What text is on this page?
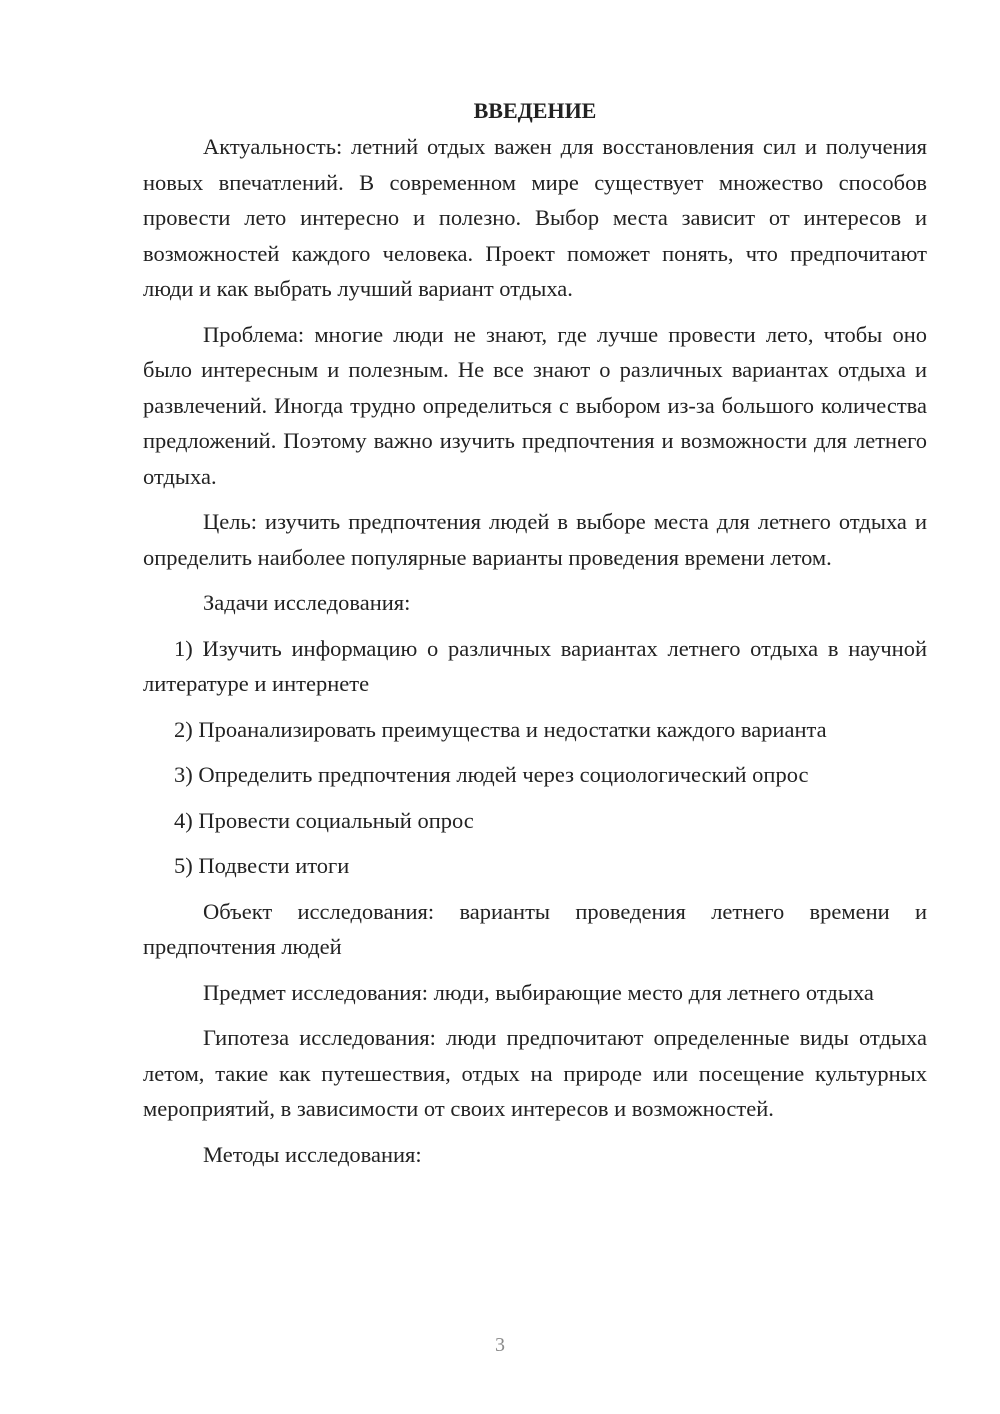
ВВЕДЕНИЕ

Актуальность: летний отдых важен для восстановления сил и получения новых впечатлений. В современном мире существует множество способов провести лето интересно и полезно. Выбор места зависит от интересов и возможностей каждого человека. Проект поможет понять, что предпочитают люди и как выбрать лучший вариант отдыха.

Проблема: многие люди не знают, где лучше провести лето, чтобы оно было интересным и полезным. Не все знают о различных вариантах отдыха и развлечений. Иногда трудно определиться с выбором из-за большого количества предложений. Поэтому важно изучить предпочтения и возможности для летнего отдыха.

Цель: изучить предпочтения людей в выборе места для летнего отдыха и определить наиболее популярные варианты проведения времени летом.

Задачи исследования:

1) Изучить информацию о различных вариантах летнего отдыха в научной литературе и интернете

2) Проанализировать преимущества и недостатки каждого варианта

3) Определить предпочтения людей через социологический опрос

4) Провести социальный опрос

5) Подвести итоги

Объект исследования: варианты проведения летнего времени и предпочтения людей

Предмет исследования: люди, выбирающие место для летнего отдыха

Гипотеза исследования: люди предпочитают определенные виды отдыха летом, такие как путешествия, отдых на природе или посещение культурных мероприятий, в зависимости от своих интересов и возможностей.

Методы исследования:

3
